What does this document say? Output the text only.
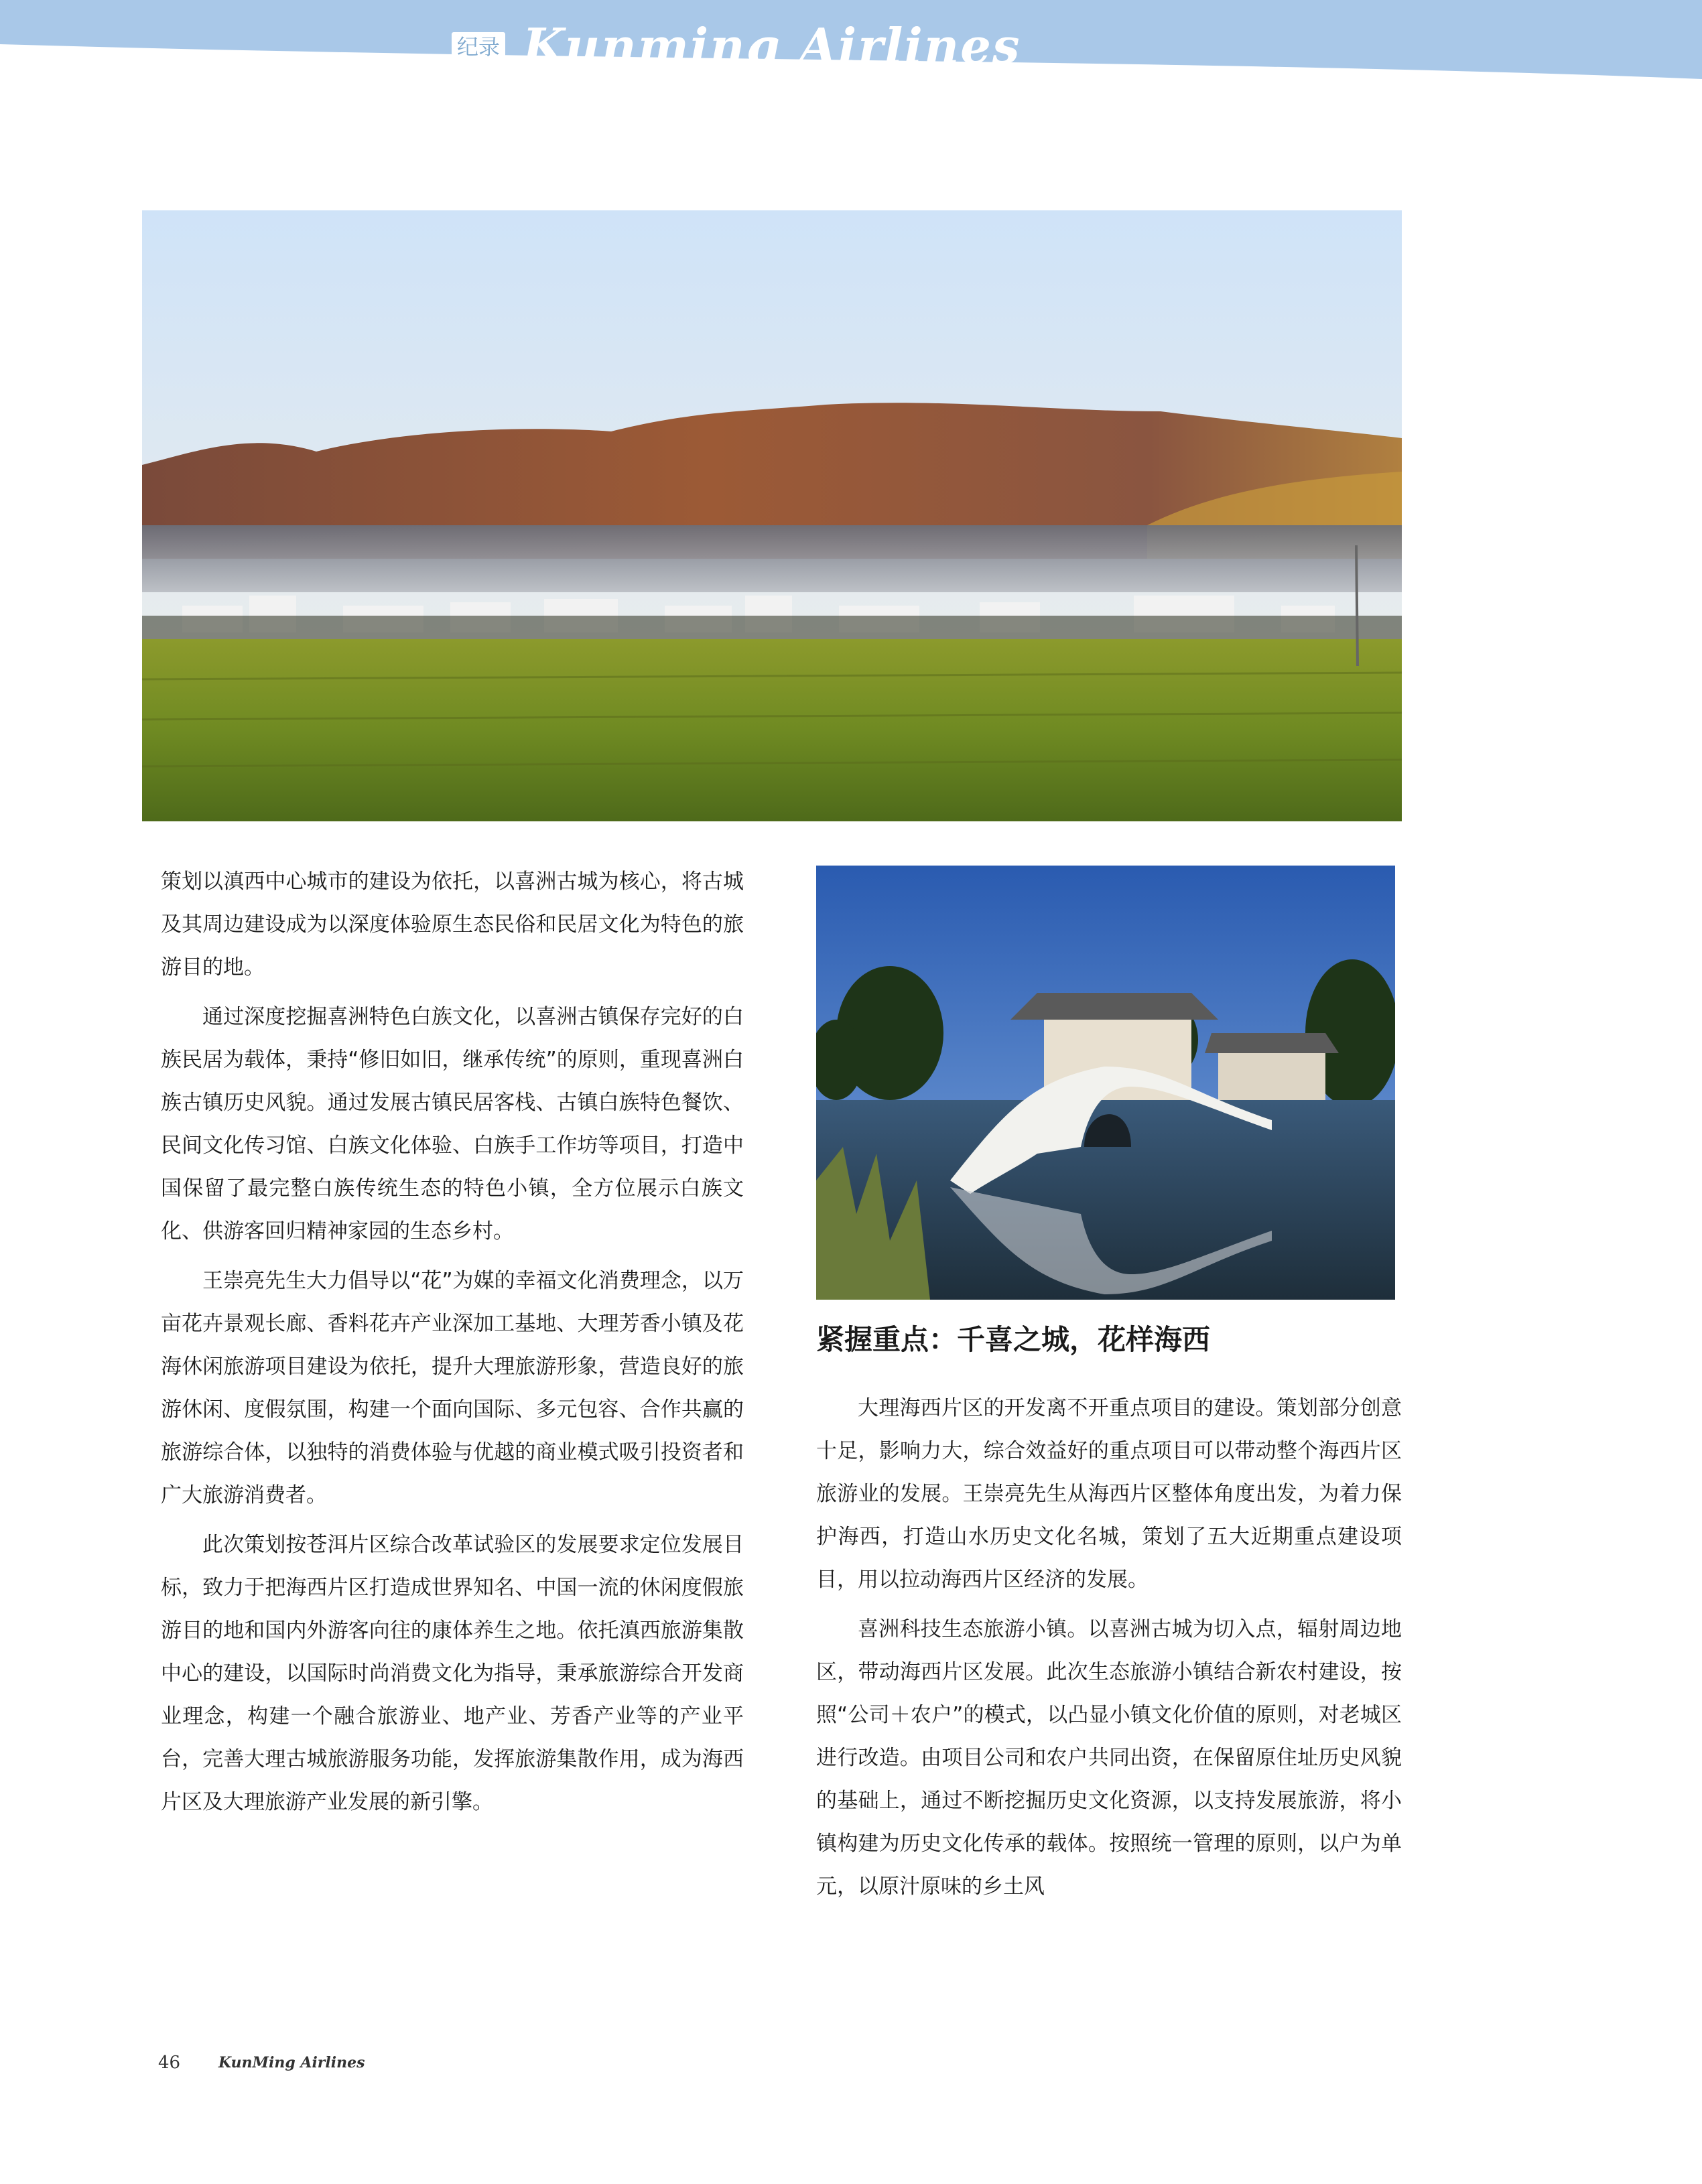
纪录 Kunming Airlines

策划以滇西中心城市的建设为依托，以喜洲古城为核心，将古城及其周边建设成为以深度体验原生态民俗和民居文化为特色的旅游目的地。

通过深度挖掘喜洲特色白族文化，以喜洲古镇保存完好的白族民居为载体，秉持“修旧如旧，继承传统”的原则，重现喜洲白族古镇历史风貌。通过发展古镇民居客栈、古镇白族特色餐饮、民间文化传习馆、白族文化体验、白族手工作坊等项目，打造中国保留了最完整白族传统生态的特色小镇，全方位展示白族文化、供游客回归精神家园的生态乡村。

王崇亮先生大力倡导以“花”为媒的幸福文化消费理念，以万亩花卉景观长廊、香料花卉产业深加工基地、大理芳香小镇及花海休闲旅游项目建设为依托，提升大理旅游形象，营造良好的旅游休闲、度假氛围，构建一个面向国际、多元包容、合作共赢的旅游综合体，以独特的消费体验与优越的商业模式吸引投资者和广大旅游消费者。

此次策划按苍洱片区综合改革试验区的发展要求定位发展目标，致力于把海西片区打造成世界知名、中国一流的休闲度假旅游目的地和国内外游客向往的康体养生之地。依托滇西旅游集散中心的建设，以国际时尚消费文化为指导，秉承旅游综合开发商业理念，构建一个融合旅游业、地产业、芳香产业等的产业平台，完善大理古城旅游服务功能，发挥旅游集散作用，成为海西片区及大理旅游产业发展的新引擎。

紧握重点：千喜之城，花样海西

大理海西片区的开发离不开重点项目的建设。策划部分创意十足，影响力大，综合效益好的重点项目可以带动整个海西片区旅游业的发展。王崇亮先生从海西片区整体角度出发，为着力保护海西，打造山水历史文化名城，策划了五大近期重点建设项目，用以拉动海西片区经济的发展。

喜洲科技生态旅游小镇。以喜洲古城为切入点，辐射周边地区，带动海西片区发展。此次生态旅游小镇结合新农村建设，按照“公司＋农户”的模式，以凸显小镇文化价值的原则，对老城区进行改造。由项目公司和农户共同出资，在保留原住址历史风貌的基础上，通过不断挖掘历史文化资源，以支持发展旅游，将小镇构建为历史文化传承的载体。按照统一管理的原则，以户为单元，以原汁原味的乡土风

46	KunMing Airlines
